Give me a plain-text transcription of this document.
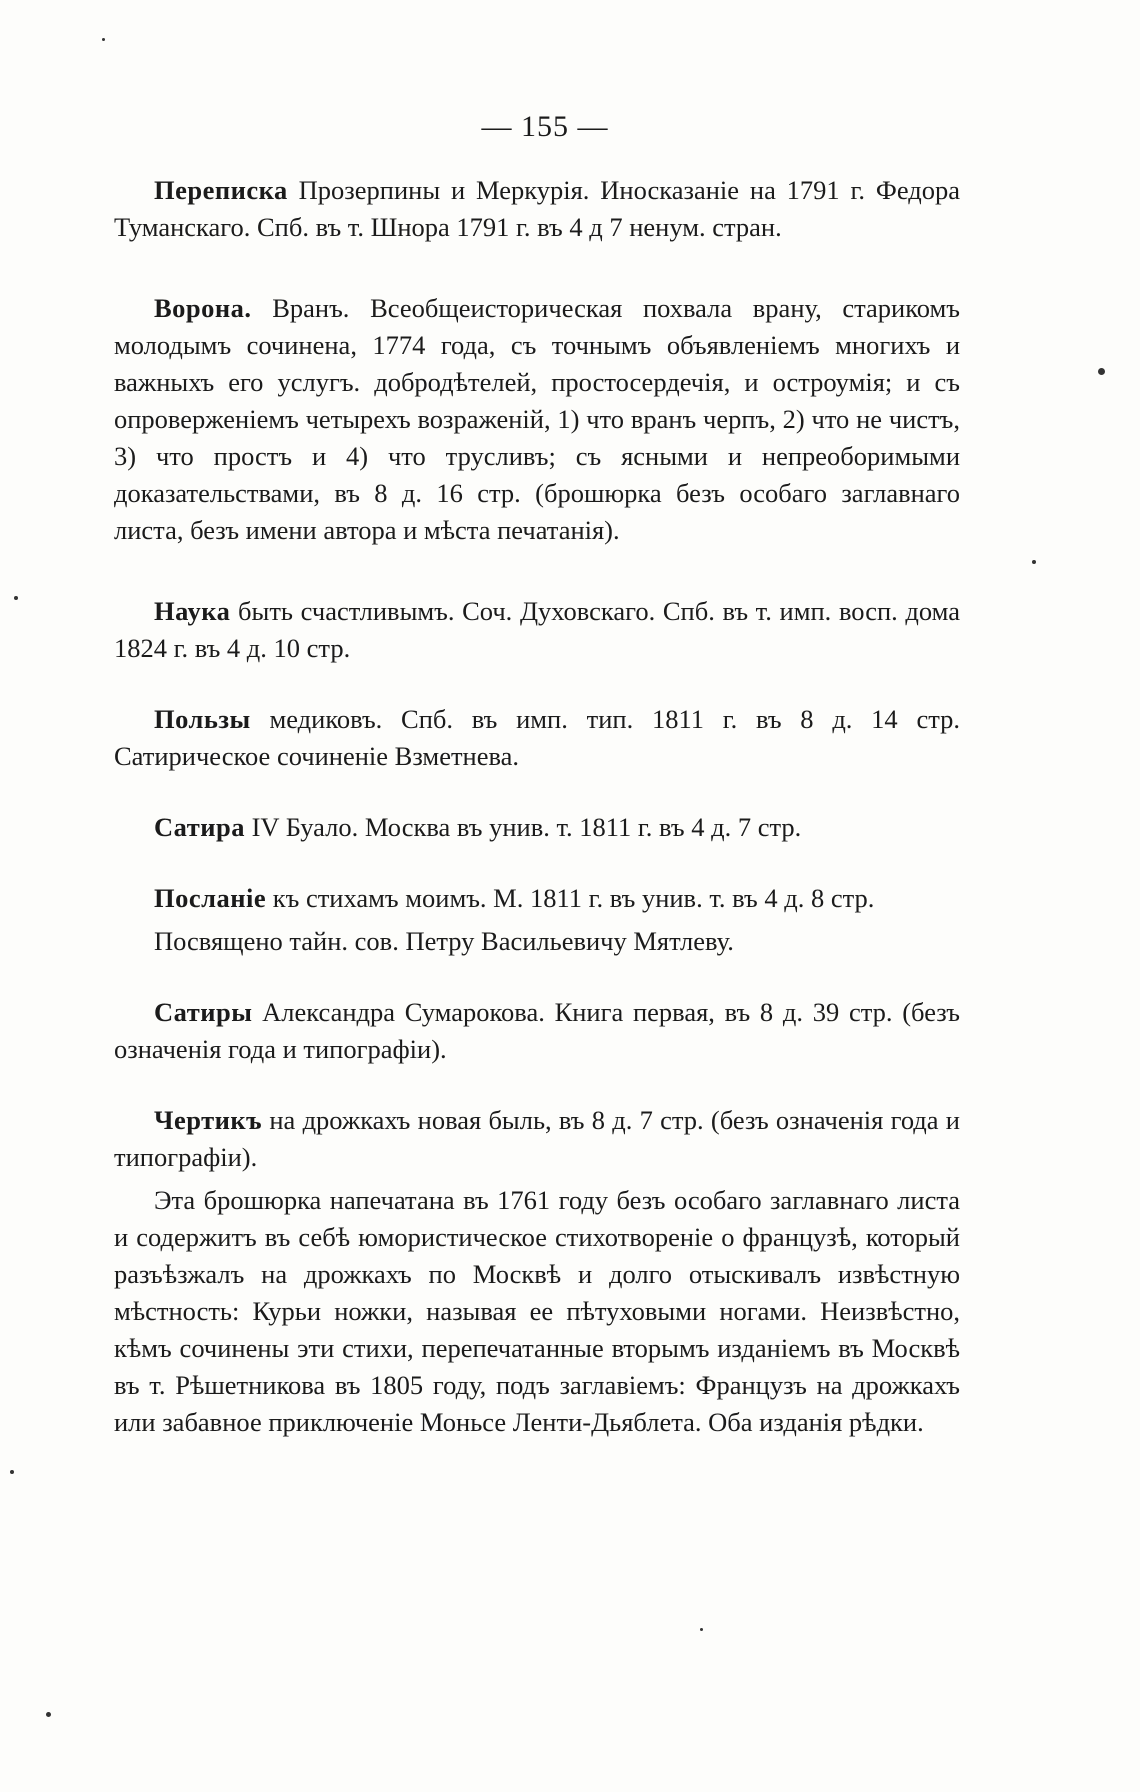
— 155 —

Переписка Прозерпины и Меркурія. Иносказаніе на 1791 г. Федора Туманскаго. Спб. въ т. Шнора 1791 г. въ 4 д 7 ненум. стран.

Ворона. Вранъ. Всеобщеисторическая похвала врану, старикомъ молодымъ сочинена, 1774 года, съ точнымъ объявленіемъ многихъ и важныхъ его услугъ. добродѣтелей, простосердечія, и остроумія; и съ опроверженіемъ четырехъ возраженій, 1) что вранъ черпъ, 2) что не чистъ, 3) что простъ и 4) что труcливъ; съ ясными и непреоборимыми доказательствами, въ 8 д. 16 стр. (брошюрка безъ особаго заглавнаго листа, безъ имени автора и мѣста печатанія).

Наука быть счастливымъ. Соч. Духовскаго. Спб. въ т. имп. восп. дома 1824 г. въ 4 д. 10 стр.

Пользы медиковъ. Спб. въ имп. тип. 1811 г. въ 8 д. 14 стр. Сатирическое сочиненіе Взметнева.

Сатира IV Буало. Москва въ унив. т. 1811 г. въ 4 д. 7 стр.

Посланіе къ стихамъ моимъ. М. 1811 г. въ унив. т. въ 4 д. 8 стр.

Посвящено тайн. сов. Петру Васильевичу Мятлеву.

Сатиры Александра Сумарокова. Книга первая, въ 8 д. 39 стр. (безъ означенія года и типографіи).

Чертикъ на дрожкахъ новая быль, въ 8 д. 7 стр. (безъ означенія года и типографіи).

Эта брошюрка напечатана въ 1761 году безъ особаго заглавнаго листа и содержитъ въ себѣ юмористическое стихотвореніе о французѣ, который разъѣзжалъ на дрожкахъ по Москвѣ и долго отыскивалъ извѣстную мѣстность: Курьи ножки, называя ее пѣтуховыми ногами. Неизвѣстно, кѣмъ сочинены эти стихи, перепечатанные вторымъ изданіемъ въ Москвѣ въ т. Рѣшетникова въ 1805 году, подъ заглавіемъ: Французъ на дрожкахъ или забавное приключеніе Моньсе Ленти-Дьяблета. Оба изданія рѣдки.
